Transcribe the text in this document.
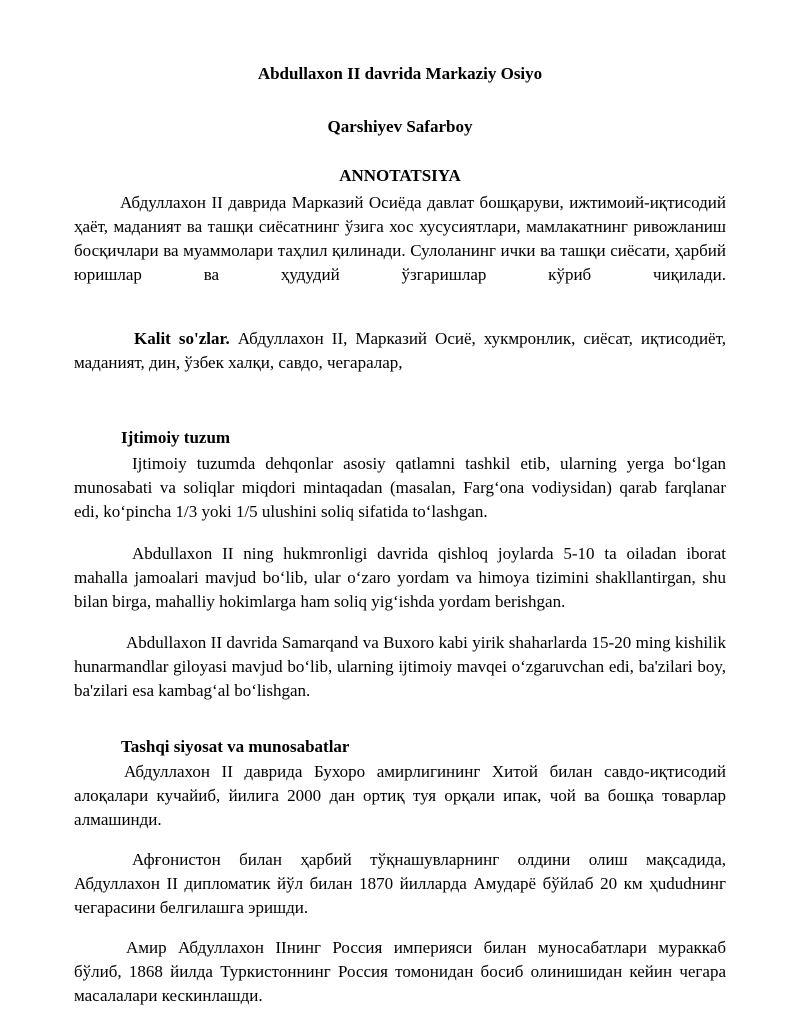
Abdullaxon II davrida Markaziy Osiyo
Qarshiyev Safarboy
ANNOTATSIYA

Абдуллахон II даврида Марказий Осиёда давлат бошқаруви, ижтимоий-иқтисодий ҳаёт, маданият ва ташқи сиёсатнинг ўзига хос хусусиятлари, мамлакатнинг ривожланиш босқичлари ва муаммолари таҳлил қилинади. Сулоланинг ички ва ташқи сиёсати, ҳарбий юришлар ва ҳудудий ўзгаришлар кўриб чиқилади.

Kalit so'zlar. Абдуллахон II, Марказий Осиё, хукмронлик, сиёсат, иқтисодиёт, маданият, дин, ўзбек халқи, савдо, чегаралар,

Ijtimoiy tuzum

Ijtimoiy tuzumda dehqonlar asosiy qatlamni tashkil etib, ularning yerga bo‘lgan munosabati va soliqlar miqdori mintaqadan (masalan, Farg‘ona vodiysidan) qarab farqlanar edi, ko‘pincha 1/3 yoki 1/5 ulushini soliq sifatida to‘lashgan.

Abdullaxon II ning hukmronligi davrida qishloq joylarda 5-10 ta oiladan iborat mahalla jamoalari mavjud bo‘lib, ular o‘zaro yordam va himoya tizimini shakllantirgan, shu bilan birga, mahalliy hokimlarga ham soliq yig‘ishda yordam berishgan.

Abdullaxon II davrida Samarqand va Buxoro kabi yirik shaharlarda 15-20 ming kishilik hunarmandlar giloyasi mavjud bo‘lib, ularning ijtimoiy mavqei o‘zgaruvchan edi, ba'zilari boy, ba'zilari esa kambag‘al bo‘lishgan.

Tashqi siyosat va munosabatlar

Абдуллахон II даврида Бухоро амирлигининг Хитой билан савдо-иқтисодий алоқалари кучайиб, йилига 2000 дан ортиқ туя орқали ипак, чой ва бошқа товарлар алмашинди.

Афғонистон билан ҳарбий тўқнашувларнинг олдини олиш мақсадида, Абдуллахон II дипломатик йўл билан 1870 йилларда Амударё бўйлаб 20 км ҳududнинг чегарасини белгилашга эришди.

Амир Абдуллахон IIнинг Россия империяси билан муносабатлари мураккаб бўлиб, 1868 йилда Туркистоннинг Россия томонидан босиб олинишидан кейин чегара масалалари кескинлашди.
